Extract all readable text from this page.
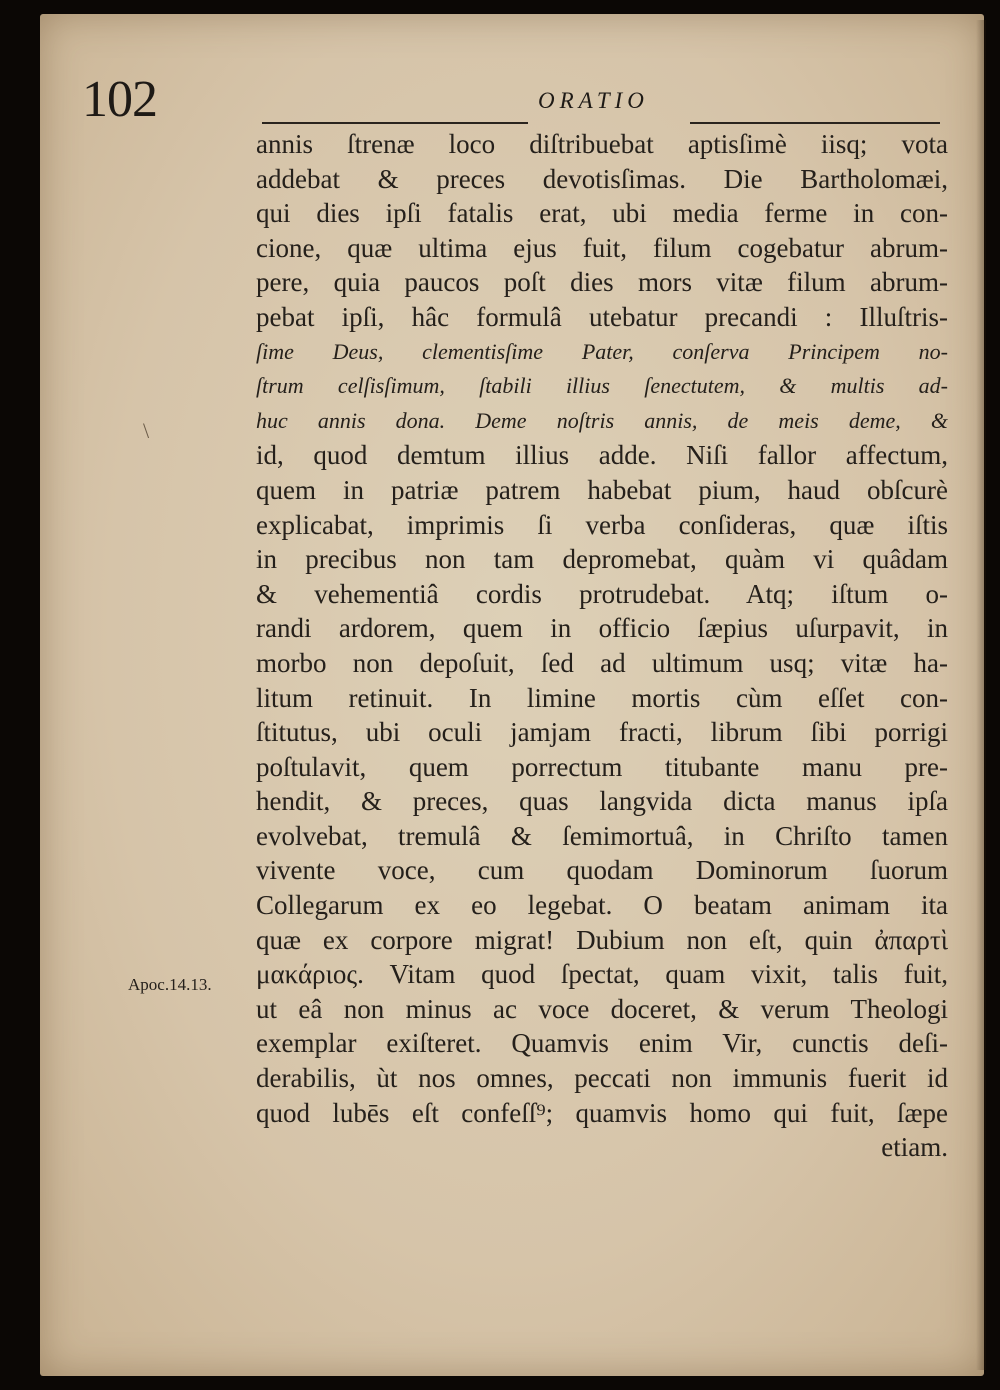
102	ORATIO
\
Apoc.14.13.
annis ſtrenæ loco diſtribuebat aptisſimè iisq; vota
addebat & preces devotisſimas. Die Bartholomæi,
qui dies ipſi fatalis erat, ubi media ferme in con-
cione, quæ ultima ejus fuit, filum cogebatur abrum-
pere, quia paucos poſt dies mors vitæ filum abrum-
pebat ipſi, hâc formulâ utebatur precandi : Illuſtris-
ſime Deus, clementisſime Pater, conſerva Principem no-
ſtrum celſisſimum, ſtabili illius ſenectutem, & multis ad-
huc annis dona. Deme noſtris annis, de meis deme, &
id, quod demtum illius adde. Niſi fallor affectum,
quem in patriæ patrem habebat pium, haud obſcurè
explicabat, imprimis ſi verba conſideras, quæ iſtis
in precibus non tam depromebat, quàm vi quâdam
& vehementiâ cordis protrudebat. Atq; iſtum o-
randi ardorem, quem in officio ſæpius uſurpavit, in
morbo non depoſuit, ſed ad ultimum usq; vitæ ha-
litum retinuit. In limine mortis cùm eſſet con-
ſtitutus, ubi oculi jamjam fracti, librum ſibi porrigi
poſtulavit, quem porrectum titubante manu pre-
hendit, & preces, quas langvida dicta manus ipſa
evolvebat, tremulâ & ſemimortuâ, in Chriſto tamen
vivente voce, cum quodam Dominorum ſuorum
Collegarum ex eo legebat. O beatam animam ita
quæ ex corpore migrat! Dubium non eſt, quin ἀπαρτὶ
μακάριος. Vitam quod ſpectat, quam vixit, talis fuit,
ut eâ non minus ac voce doceret, & verum Theologi
exemplar exiſteret. Quamvis enim Vir, cunctis deſi-
derabilis, ùt nos omnes, peccati non immunis fuerit id
quod lubēs eſt confeſſ⁹; quamvis homo qui fuit, ſæpe
etiam.
